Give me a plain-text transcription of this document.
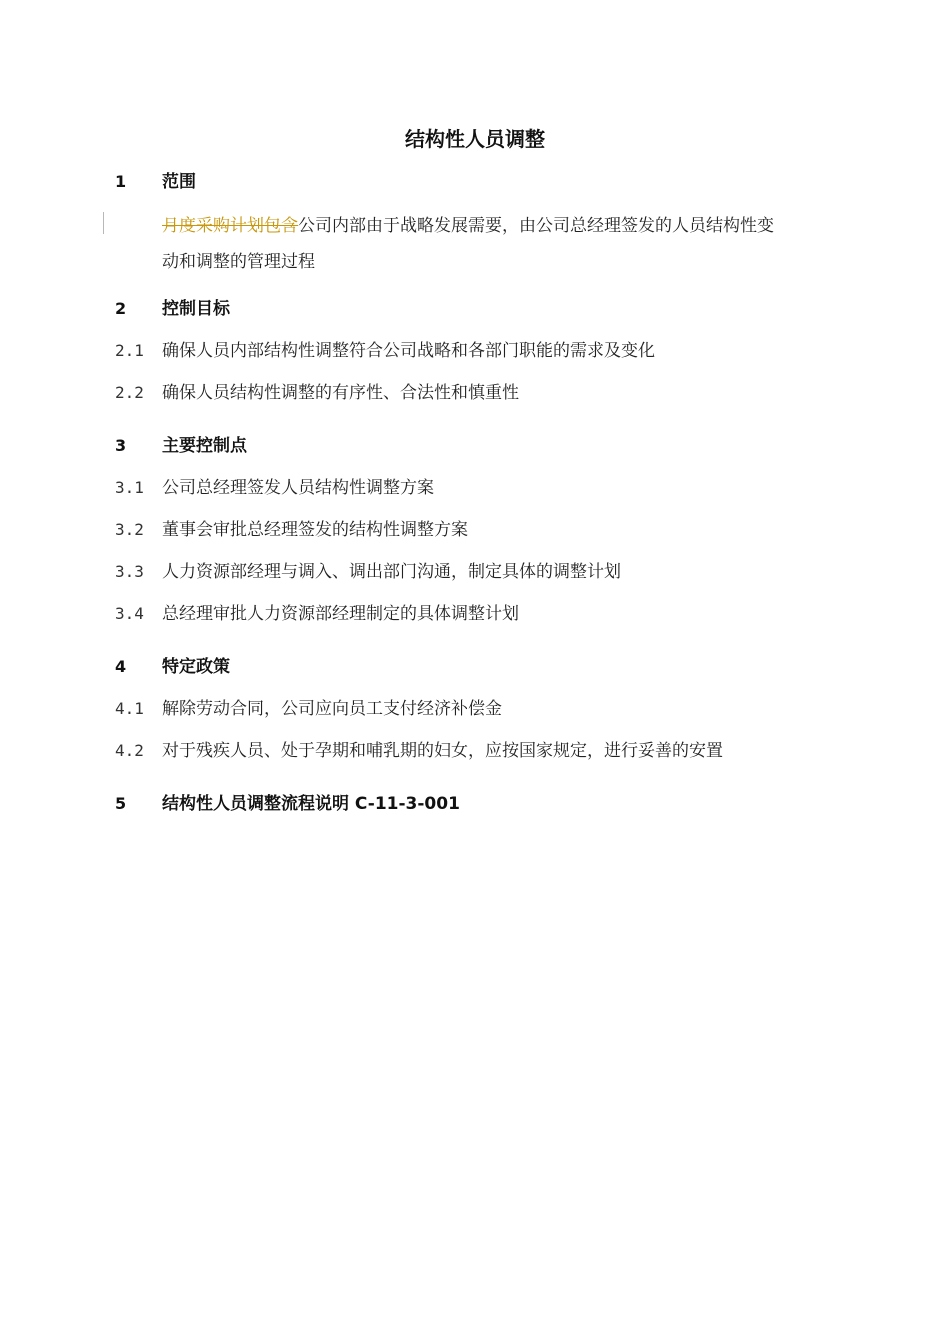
结构性人员调整
1 范围
月度采购计划包含公司内部由于战略发展需要，由公司总经理签发的人员结构性变
动和调整的管理过程
2 控制目标
2.1 确保人员内部结构性调整符合公司战略和各部门职能的需求及变化
2.2 确保人员结构性调整的有序性、合法性和慎重性
3 主要控制点
3.1 公司总经理签发人员结构性调整方案
3.2 董事会审批总经理签发的结构性调整方案
3.3 人力资源部经理与调入、调出部门沟通，制定具体的调整计划
3.4 总经理审批人力资源部经理制定的具体调整计划
4 特定政策
4.1 解除劳动合同，公司应向员工支付经济补偿金
4.2 对于残疾人员、处于孕期和哺乳期的妇女，应按国家规定，进行妥善的安置
5 结构性人员调整流程说明 C-11-3-001
